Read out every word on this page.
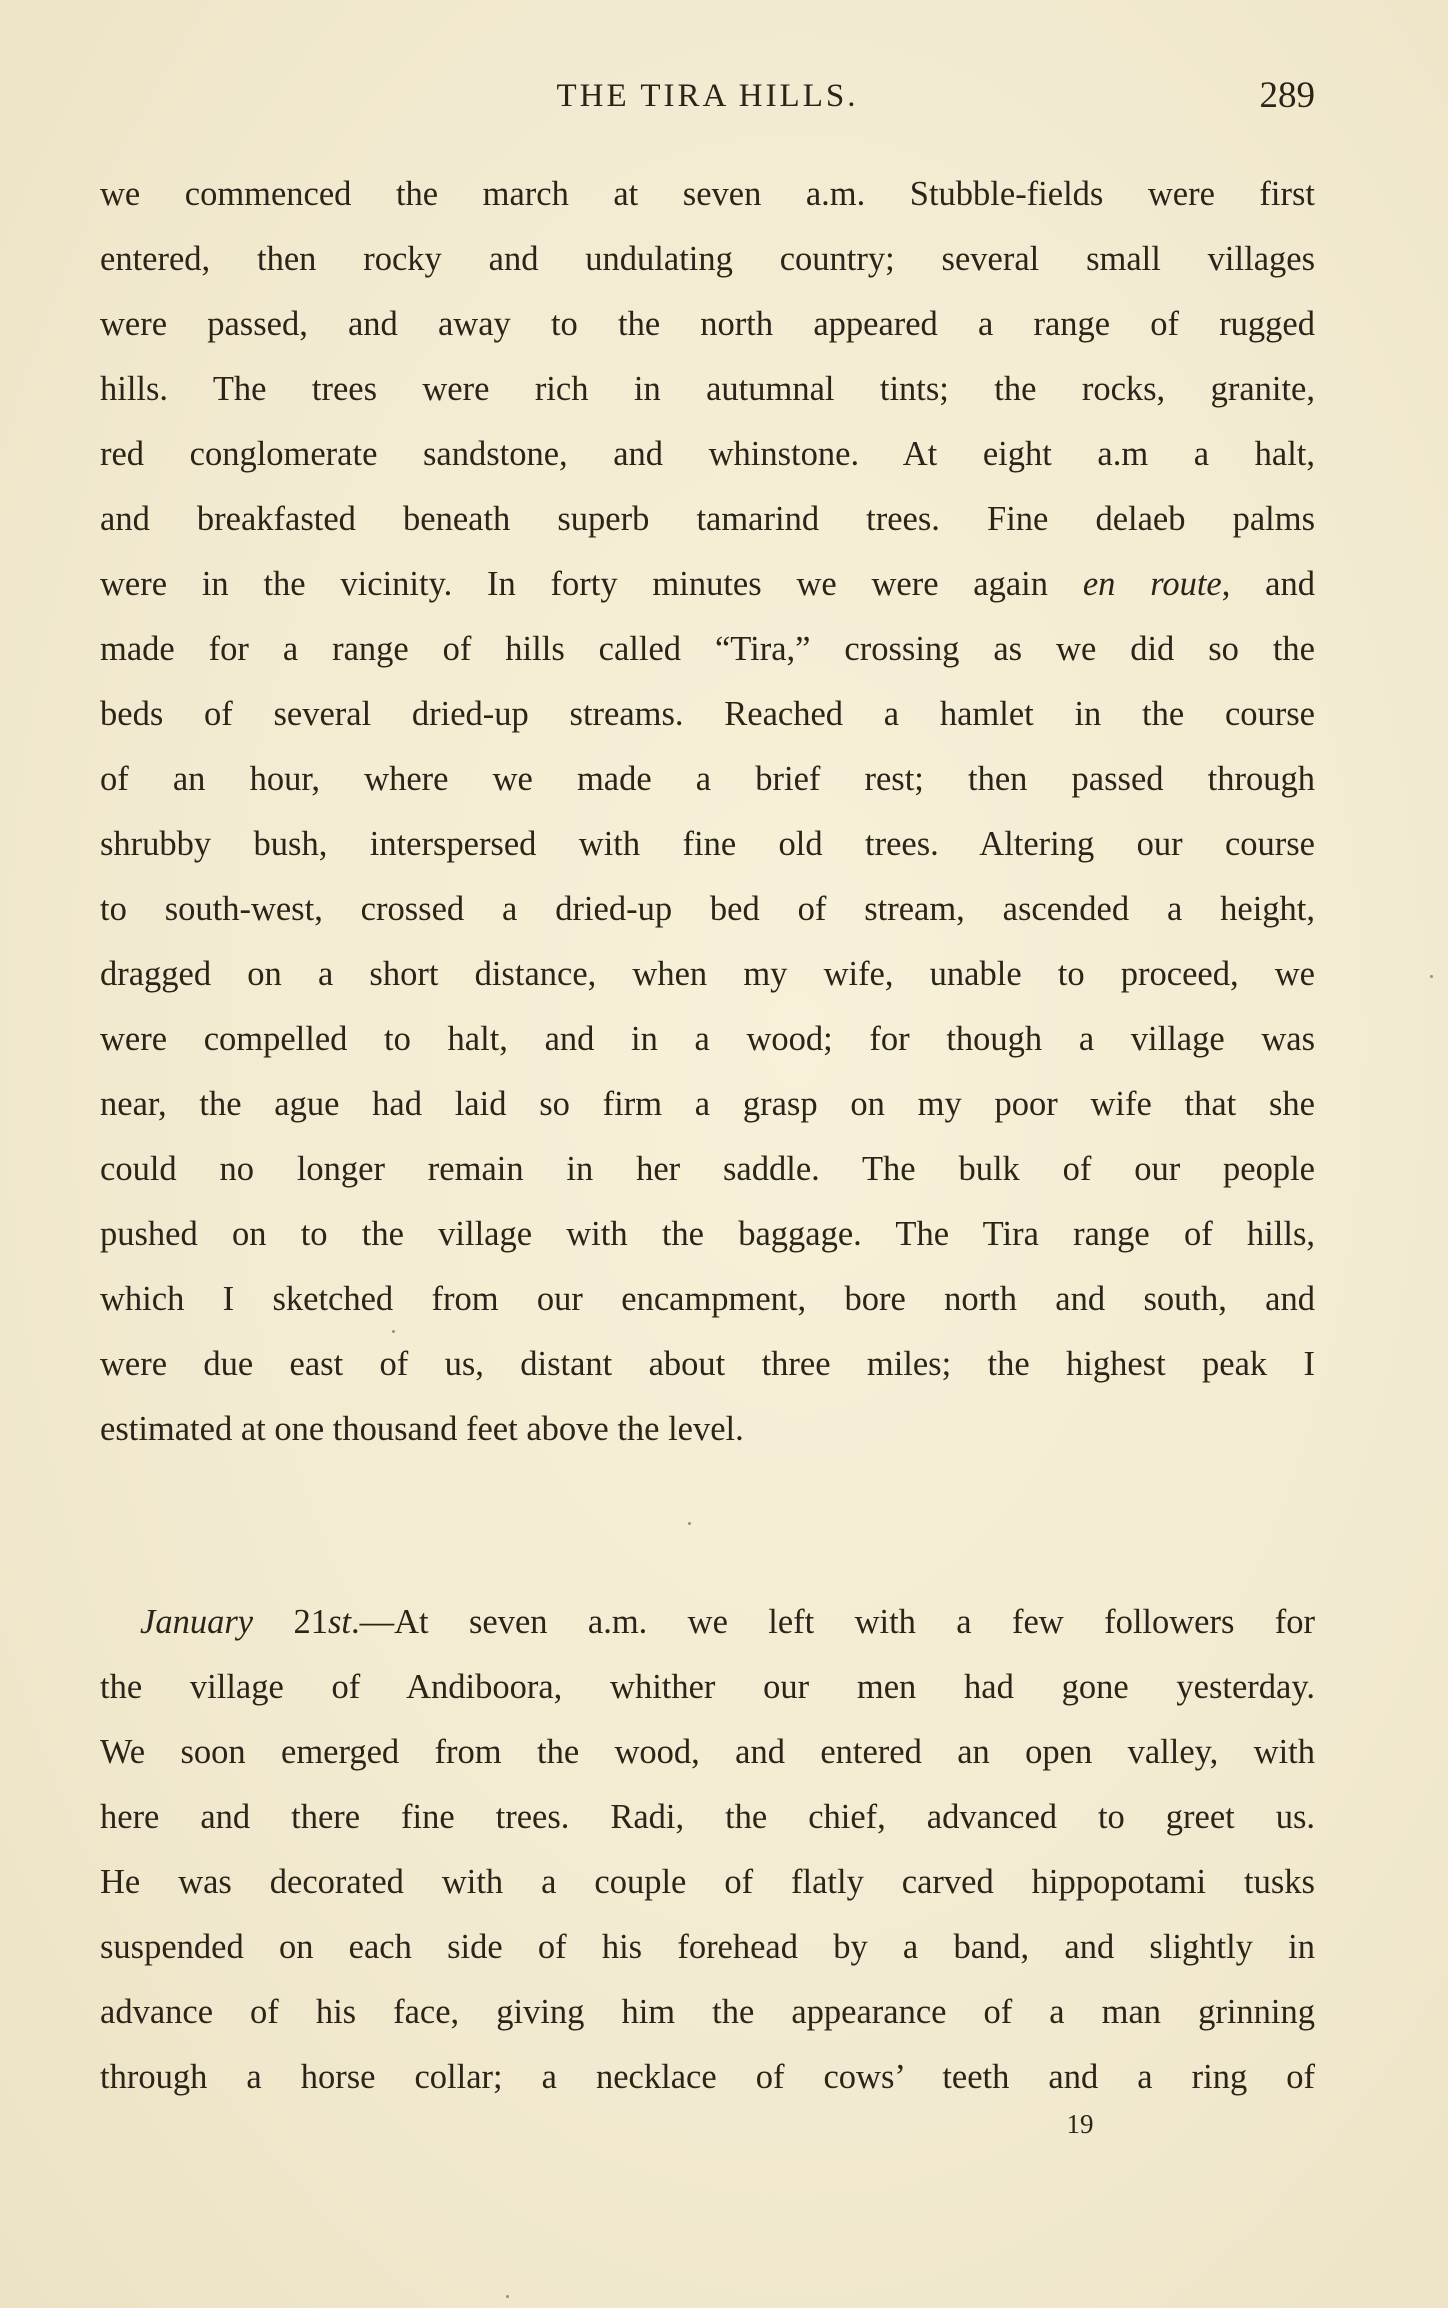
THE TIRA HILLS.	289
we commenced the march at seven a.m. Stubble-fields were first
entered, then rocky and undulating country; several small villages
were passed, and away to the north appeared a range of rugged
hills. The trees were rich in autumnal tints; the rocks, granite,
red conglomerate sandstone, and whinstone. At eight a.m a halt,
and breakfasted beneath superb tamarind trees. Fine delaeb palms
were in the vicinity. In forty minutes we were again en route, and
made for a range of hills called “Tira,” crossing as we did so the
beds of several dried-up streams. Reached a hamlet in the course
of an hour, where we made a brief rest; then passed through
shrubby bush, interspersed with fine old trees. Altering our course
to south-west, crossed a dried-up bed of stream, ascended a height,
dragged on a short distance, when my wife, unable to proceed, we
were compelled to halt, and in a wood; for though a village was
near, the ague had laid so firm a grasp on my poor wife that she
could no longer remain in her saddle. The bulk of our people
pushed on to the village with the baggage. The Tira range of hills,
which I sketched from our encampment, bore north and south, and
were due east of us, distant about three miles; the highest peak I
estimated at one thousand feet above the level.
January 21st.—At seven a.m. we left with a few followers for
the village of Andiboora, whither our men had gone yesterday.
We soon emerged from the wood, and entered an open valley, with
here and there fine trees. Radi, the chief, advanced to greet us.
He was decorated with a couple of flatly carved hippopotami tusks
suspended on each side of his forehead by a band, and slightly in
advance of his face, giving him the appearance of a man grinning
through a horse collar; a necklace of cows’ teeth and a ring of
19
